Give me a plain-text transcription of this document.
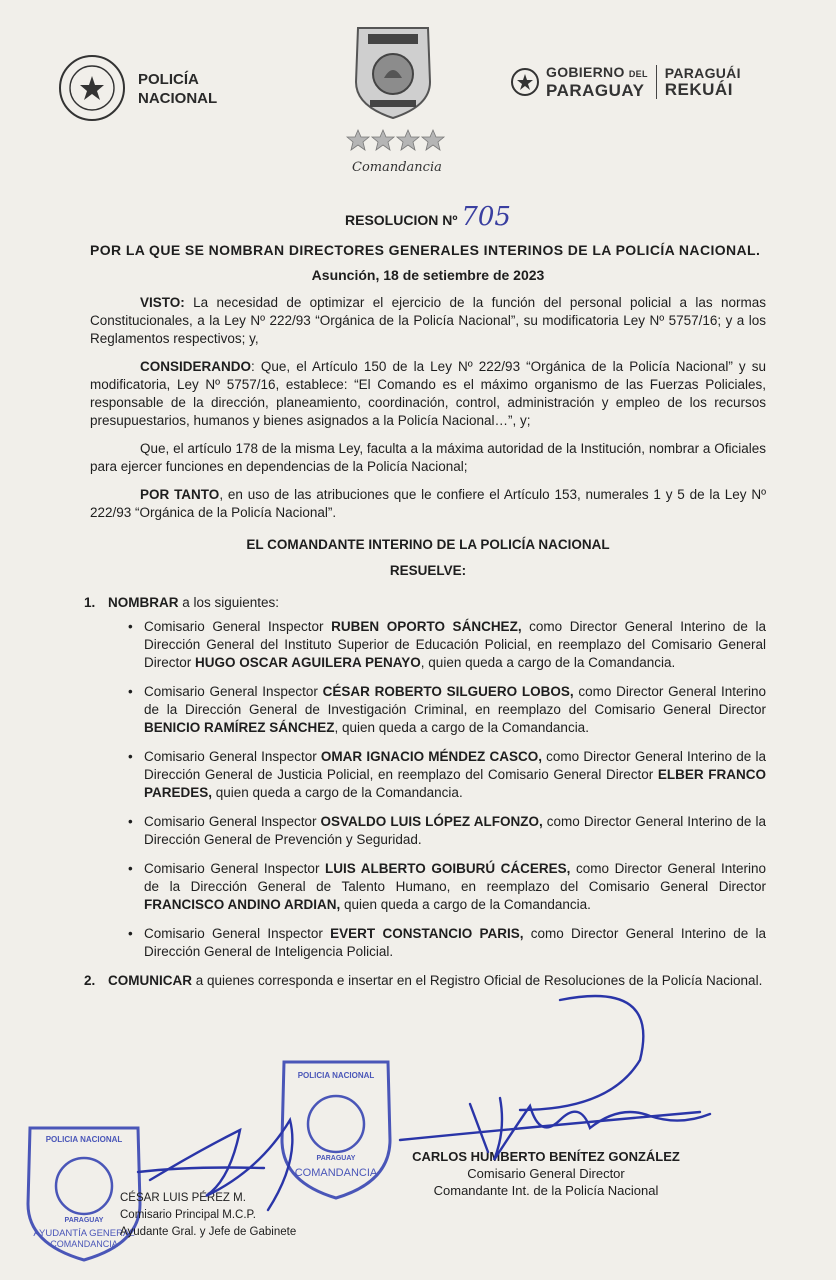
POLICÍA
NACIONAL
Comandancia
GOBIERNO DEL
PARAGUAY
PARAGUÁI
REKUÁI
RESOLUCION Nº 705
POR LA QUE SE NOMBRAN DIRECTORES GENERALES INTERINOS DE LA POLICÍA NACIONAL.
Asunción, 18 de setiembre de 2023

VISTO: La necesidad de optimizar el ejercicio de la función del personal policial a las normas Constitucionales, a la Ley Nº 222/93 “Orgánica de la Policía Nacional”, su modificatoria Ley Nº 5757/16; y a los Reglamentos respectivos; y,

CONSIDERANDO: Que, el Artículo 150 de la Ley Nº 222/93 “Orgánica de la Policía Nacional” y su modificatoria, Ley Nº 5757/16, establece: “El Comando es el máximo organismo de las Fuerzas Policiales, responsable de la dirección, planeamiento, coordinación, control, administración y empleo de los recursos presupuestarios, humanos y bienes asignados a la Policía Nacional…”, y;

Que, el artículo 178 de la misma Ley, faculta a la máxima autoridad de la Institución, nombrar a Oficiales para ejercer funciones en dependencias de la Policía Nacional;

POR TANTO, en uso de las atribuciones que le confiere el Artículo 153, numerales 1 y 5 de la Ley Nº 222/93 “Orgánica de la Policía Nacional”.

EL COMANDANTE INTERINO DE LA POLICÍA NACIONAL
RESUELVE:
1. NOMBRAR a los siguientes:
• Comisario General Inspector RUBEN OPORTO SÁNCHEZ, como Director General Interino de la Dirección General del Instituto Superior de Educación Policial, en reemplazo del Comisario General Director HUGO OSCAR AGUILERA PENAYO, quien queda a cargo de la Comandancia.
• Comisario General Inspector CÉSAR ROBERTO SILGUERO LOBOS, como Director General Interino de la Dirección General de Investigación Criminal, en reemplazo del Comisario General Director BENICIO RAMÍREZ SÁNCHEZ, quien queda a cargo de la Comandancia.
• Comisario General Inspector OMAR IGNACIO MÉNDEZ CASCO, como Director General Interino de la Dirección General de Justicia Policial, en reemplazo del Comisario General Director ELBER FRANCO PAREDES, quien queda a cargo de la Comandancia.
• Comisario General Inspector OSVALDO LUIS LÓPEZ ALFONZO, como Director General Interino de la Dirección General de Prevención y Seguridad.
• Comisario General Inspector LUIS ALBERTO GOIBURÚ CÁCERES, como Director General Interino de la Dirección General de Talento Humano, en reemplazo del Comisario General Director FRANCISCO ANDINO ARDIAN, quien queda a cargo de la Comandancia.
• Comisario General Inspector EVERT CONSTANCIO PARIS, como Director General Interino de la Dirección General de Inteligencia Policial.
2. COMUNICAR a quienes corresponda e insertar en el Registro Oficial de Resoluciones de la Policía Nacional.
POLICIA NACIONAL
PARAGUAY
AYUDANTÍA GENERAL
COMANDANCIA
POLICIA NACIONAL
PARAGUAY
COMANDANCIA
CARLOS HUMBERTO BENÍTEZ GONZÁLEZ
Comisario General Director
Comandante Int. de la Policía Nacional
CÉSAR LUIS PÉREZ M.
Comisario Principal M.C.P.
Ayudante Gral. y Jefe de Gabinete
